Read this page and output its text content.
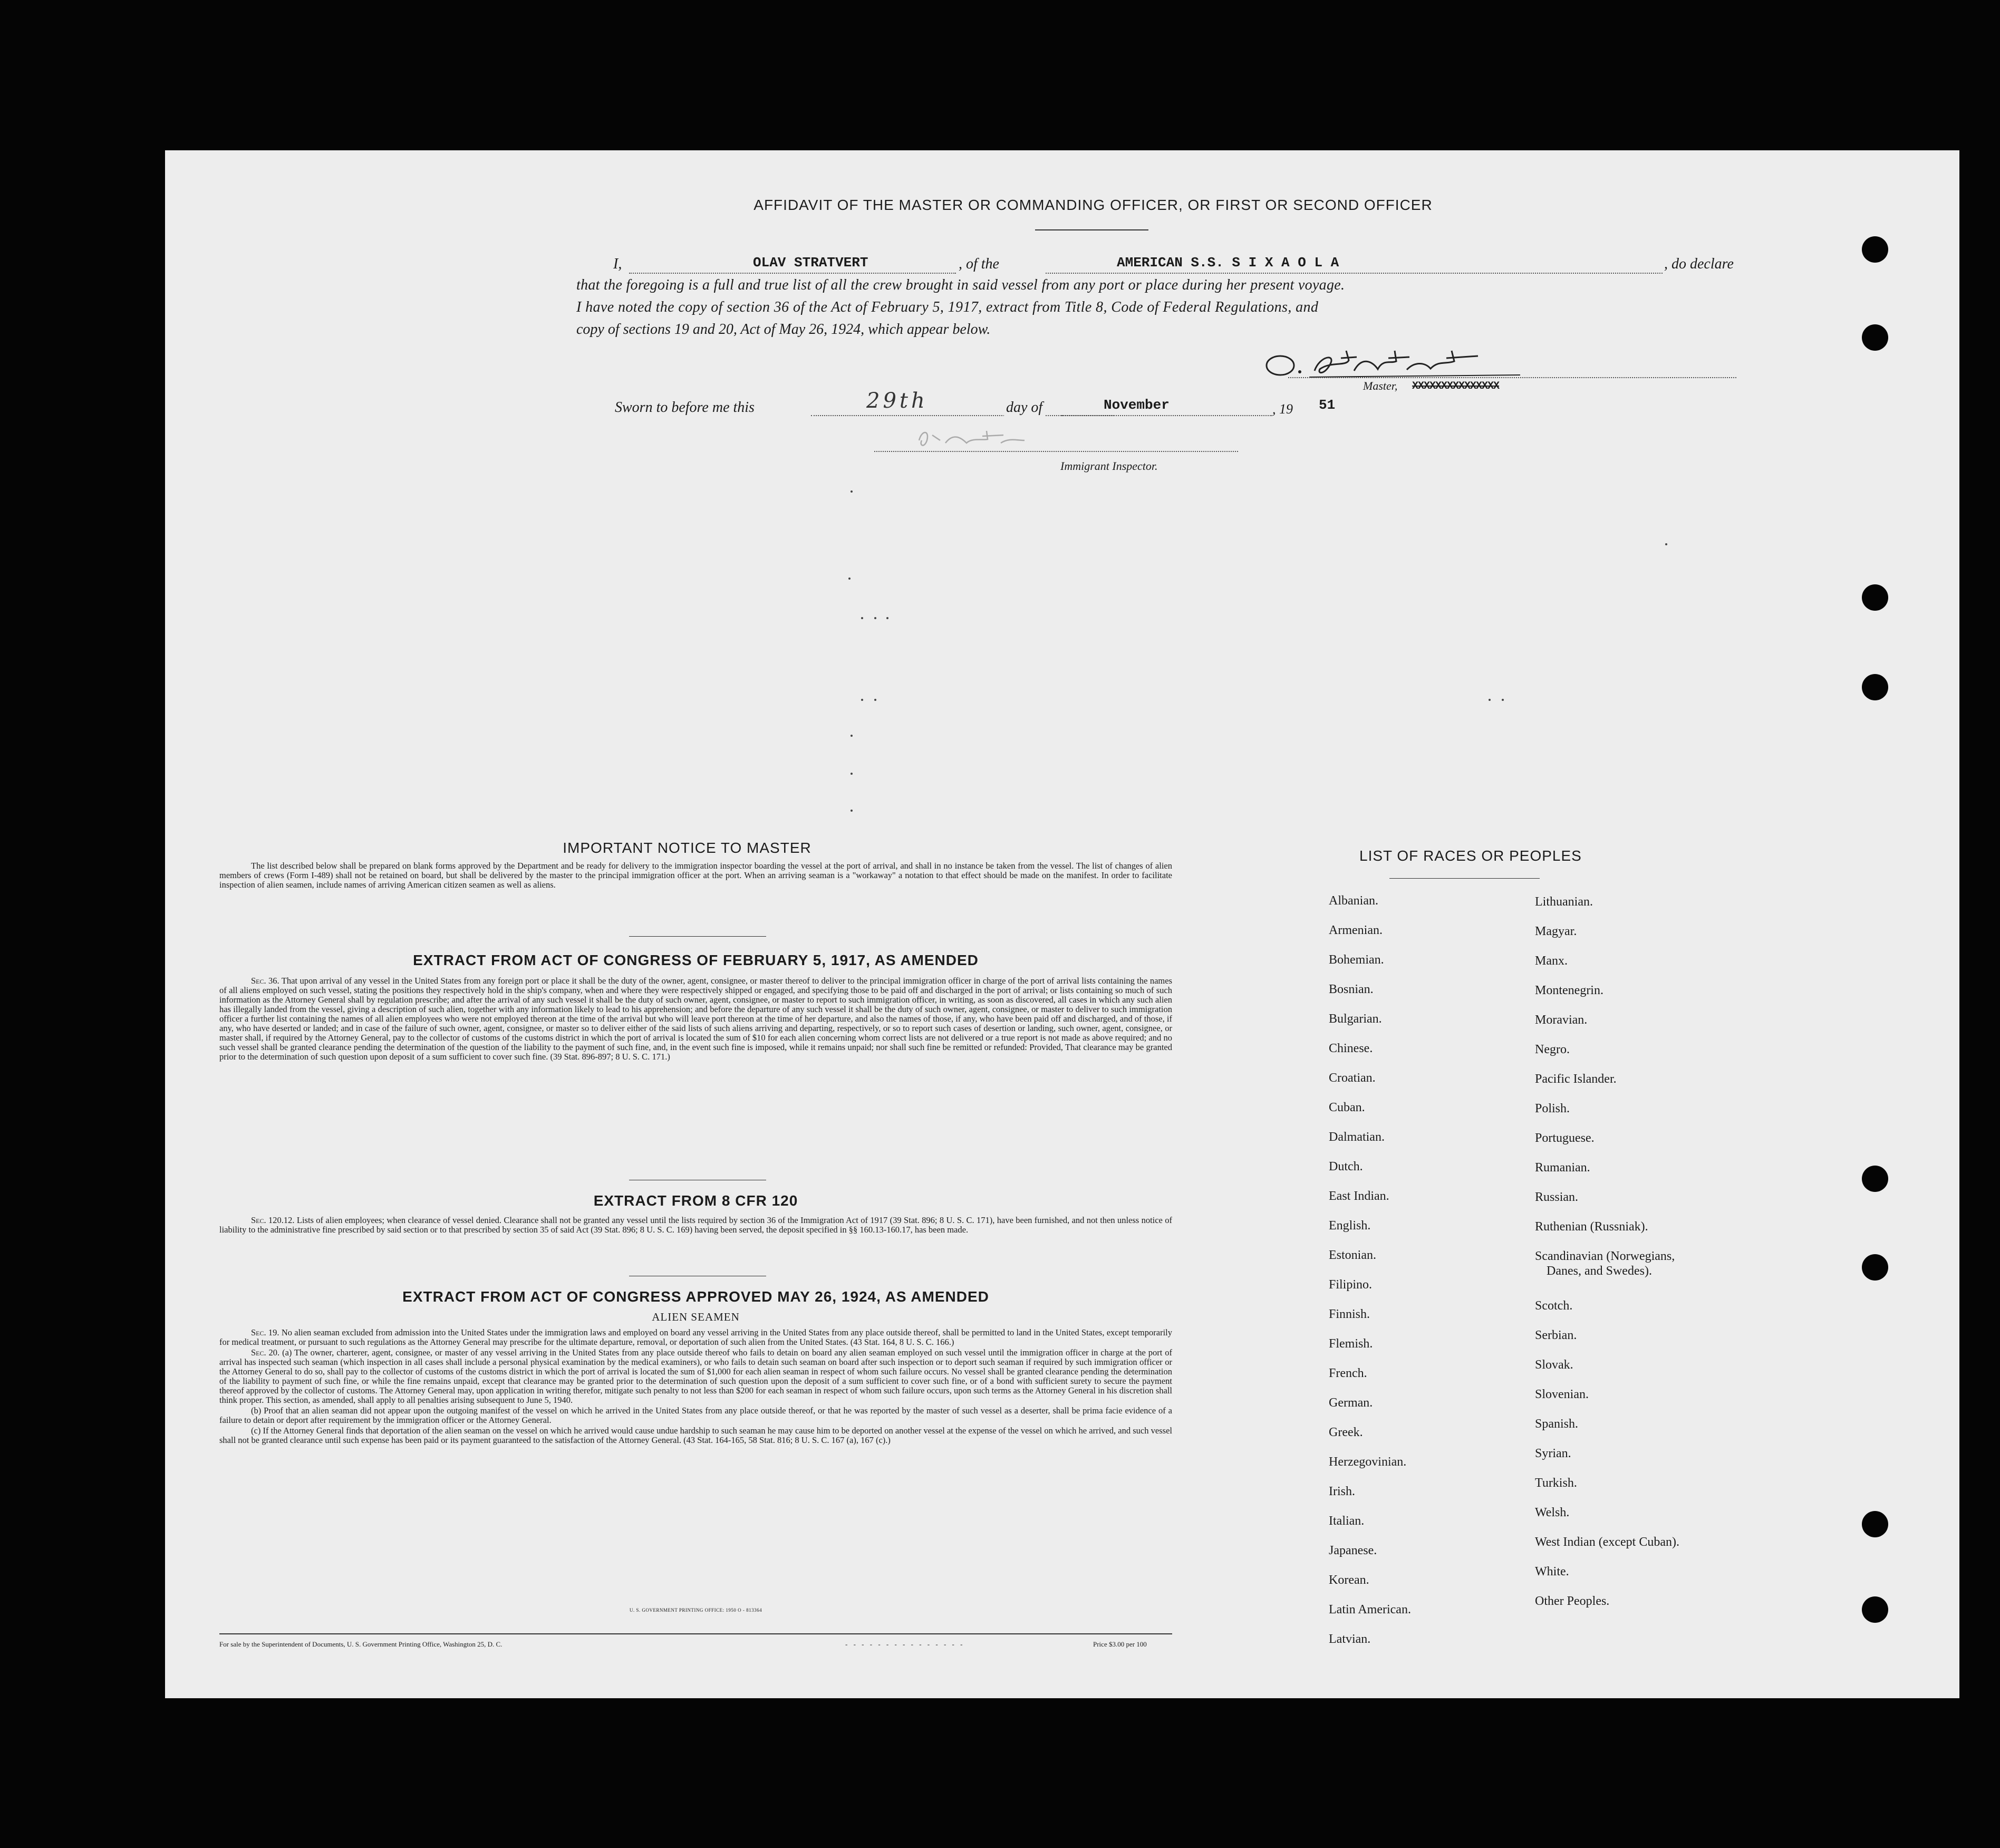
AFFIDAVIT OF THE MASTER OR COMMANDING OFFICER, OR FIRST OR SECOND OFFICER
I,	OLAV STRATVERT	, of the	AMERICAN S.S. S I X A O L A	, do declare
that the foregoing is a full and true list of all the crew brought in said vessel from any port or place during her present voyage.
I have noted the copy of section 36 of the Act of February 5, 1917, extract from Title 8, Code of Federal Regulations, and
copy of sections 19 and 20, Act of May 26, 1924, which appear below.
Master, XXXXXXXXXXXXXXX
Sworn to before me this	29th	day of	November	, 19 51
Immigrant Inspector.
IMPORTANT NOTICE TO MASTER

The list described below shall be prepared on blank forms approved by the Department and be ready for delivery to the immigration inspector boarding the vessel at the port of arrival, and shall in no instance be taken from the vessel. The list of changes of alien members of crews (Form I-489) shall not be retained on board, but shall be delivered by the master to the principal immigration officer at the port. When an arriving seaman is a "workaway" a notation to that effect should be made on the manifest. In order to facilitate inspection of alien seamen, include names of arriving American citizen seamen as well as aliens.

EXTRACT FROM ACT OF CONGRESS OF FEBRUARY 5, 1917, AS AMENDED

Sec. 36. That upon arrival of any vessel in the United States from any foreign port or place it shall be the duty of the owner, agent, consignee, or master thereof to deliver to the principal immigration officer in charge of the port of arrival lists containing the names of all aliens employed on such vessel, stating the positions they respectively hold in the ship's company, when and where they were respectively shipped or engaged, and specifying those to be paid off and discharged in the port of arrival; or lists containing so much of such information as the Attorney General shall by regulation prescribe; and after the arrival of any such vessel it shall be the duty of such owner, agent, consignee, or master to report to such immigration officer, in writing, as soon as discovered, all cases in which any such alien has illegally landed from the vessel, giving a description of such alien, together with any information likely to lead to his apprehension; and before the departure of any such vessel it shall be the duty of such owner, agent, consignee, or master to deliver to such immigration officer a further list containing the names of all alien employees who were not employed thereon at the time of the arrival but who will leave port thereon at the time of her departure, and also the names of those, if any, who have been paid off and discharged, and of those, if any, who have deserted or landed; and in case of the failure of such owner, agent, consignee, or master so to deliver either of the said lists of such aliens arriving and departing, respectively, or so to report such cases of desertion or landing, such owner, agent, consignee, or master shall, if required by the Attorney General, pay to the collector of customs of the customs district in which the port of arrival is located the sum of $10 for each alien concerning whom correct lists are not delivered or a true report is not made as above required; and no such vessel shall be granted clearance pending the determination of the question of the liability to the payment of such fine, and, in the event such fine is imposed, while it remains unpaid; nor shall such fine be remitted or refunded: Provided, That clearance may be granted prior to the determination of such question upon deposit of a sum sufficient to cover such fine. (39 Stat. 896-897; 8 U. S. C. 171.)

EXTRACT FROM 8 CFR 120

Sec. 120.12. Lists of alien employees; when clearance of vessel denied. Clearance shall not be granted any vessel until the lists required by section 36 of the Immigration Act of 1917 (39 Stat. 896; 8 U. S. C. 171), have been furnished, and not then unless notice of liability to the administrative fine prescribed by said section or to that prescribed by section 35 of said Act (39 Stat. 896; 8 U. S. C. 169) having been served, the deposit specified in §§ 160.13-160.17, has been made.

EXTRACT FROM ACT OF CONGRESS APPROVED MAY 26, 1924, AS AMENDED
ALIEN SEAMEN

Sec. 19. No alien seaman excluded from admission into the United States under the immigration laws and employed on board any vessel arriving in the United States from any place outside thereof, shall be permitted to land in the United States, except temporarily for medical treatment, or pursuant to such regulations as the Attorney General may prescribe for the ultimate departure, removal, or deportation of such alien from the United States. (43 Stat. 164, 8 U. S. C. 166.)

Sec. 20. (a) The owner, charterer, agent, consignee, or master of any vessel arriving in the United States from any place outside thereof who fails to detain on board any alien seaman employed on such vessel until the immigration officer in charge at the port of arrival has inspected such seaman (which inspection in all cases shall include a personal physical examination by the medical examiners), or who fails to detain such seaman on board after such inspection or to deport such seaman if required by such immigration officer or the Attorney General to do so, shall pay to the collector of customs of the customs district in which the port of arrival is located the sum of $1,000 for each alien seaman in respect of whom such failure occurs. No vessel shall be granted clearance pending the determination of the liability to payment of such fine, or while the fine remains unpaid, except that clearance may be granted prior to the determination of such question upon the deposit of a sum sufficient to cover such fine, or of a bond with sufficient surety to secure the payment thereof approved by the collector of customs. The Attorney General may, upon application in writing therefor, mitigate such penalty to not less than $200 for each seaman in respect of whom such failure occurs, upon such terms as the Attorney General in his discretion shall think proper. This section, as amended, shall apply to all penalties arising subsequent to June 5, 1940.

(b) Proof that an alien seaman did not appear upon the outgoing manifest of the vessel on which he arrived in the United States from any place outside thereof, or that he was reported by the master of such vessel as a deserter, shall be prima facie evidence of a failure to detain or deport after requirement by the immigration officer or the Attorney General.

(c) If the Attorney General finds that deportation of the alien seaman on the vessel on which he arrived would cause undue hardship to such seaman he may cause him to be deported on another vessel at the expense of the vessel on which he arrived, and such vessel shall not be granted clearance until such expense has been paid or its payment guaranteed to the satisfaction of the Attorney General. (43 Stat. 164-165, 58 Stat. 816; 8 U. S. C. 167 (a), 167 (c).)

U. S. GOVERNMENT PRINTING OFFICE: 1950 O - 813364
For sale by the Superintendent of Documents, U. S. Government Printing Office, Washington 25, D. C.	- - - - - - - - - - - - - - -	Price $3.00 per 100
LIST OF RACES OR PEOPLES
Albanian.
Armenian.
Bohemian.
Bosnian.
Bulgarian.
Chinese.
Croatian.
Cuban.
Dalmatian.
Dutch.
East Indian.
English.
Estonian.
Filipino.
Finnish.
Flemish.
French.
German.
Greek.
Herzegovinian.
Irish.
Italian.
Japanese.
Korean.
Latin American.
Latvian.
Lithuanian.
Magyar.
Manx.
Montenegrin.
Moravian.
Negro.
Pacific Islander.
Polish.
Portuguese.
Rumanian.
Russian.
Ruthenian (Russniak).
Scandinavian (Norwegians,
Danes, and Swedes).
Scotch.
Serbian.
Slovak.
Slovenian.
Spanish.
Syrian.
Turkish.
Welsh.
West Indian (except Cuban).
White.
Other Peoples.
